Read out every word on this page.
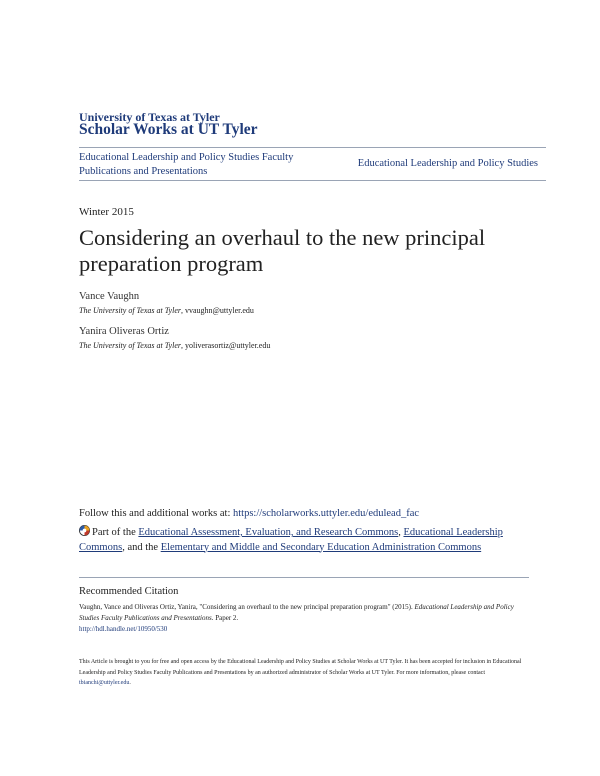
University of Texas at Tyler
Scholar Works at UT Tyler
Educational Leadership and Policy Studies Faculty Publications and Presentations
Educational Leadership and Policy Studies
Winter 2015
Considering an overhaul to the new principal preparation program
Vance Vaughn
The University of Texas at Tyler, vvaughn@uttyler.edu
Yanira Oliveras Ortiz
The University of Texas at Tyler, yoliverasortiz@uttyler.edu
Follow this and additional works at: https://scholarworks.uttyler.edu/edulead_fac
Part of the Educational Assessment, Evaluation, and Research Commons, Educational Leadership Commons, and the Elementary and Middle and Secondary Education Administration Commons
Recommended Citation
Vaughn, Vance and Oliveras Ortiz, Yanira, "Considering an overhaul to the new principal preparation program" (2015). Educational Leadership and Policy Studies Faculty Publications and Presentations. Paper 2.
http://hdl.handle.net/10950/530
This Article is brought to you for free and open access by the Educational Leadership and Policy Studies at Scholar Works at UT Tyler. It has been accepted for inclusion in Educational Leadership and Policy Studies Faculty Publications and Presentations by an authorized administrator of Scholar Works at UT Tyler. For more information, please contact tbianchi@uttyler.edu.
